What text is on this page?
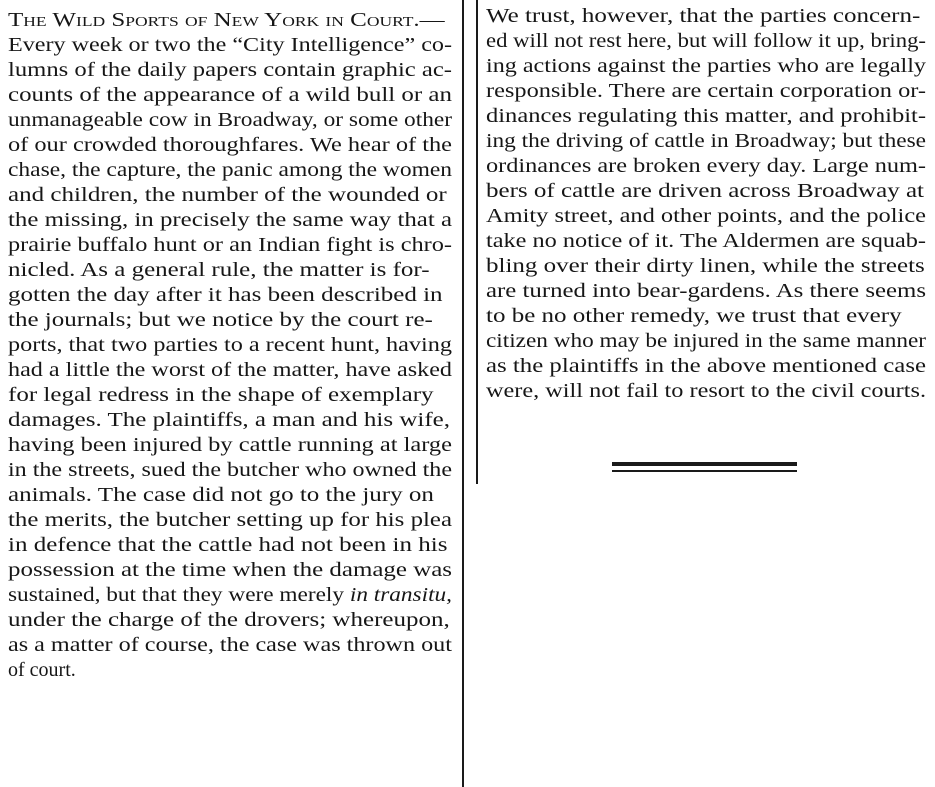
The Wild Sports of New York in Court.—
Every week or two the “City Intelligence” co-
lumns of the daily papers contain graphic ac-
counts of the appearance of a wild bull or an
unmanageable cow in Broadway, or some other
of our crowded thoroughfares. We hear of the
chase, the capture, the panic among the women
and children, the number of the wounded or
the missing, in precisely the same way that a
prairie buffalo hunt or an Indian fight is chro-
nicled. As a general rule, the matter is for-
gotten the day after it has been described in
the journals; but we notice by the court re-
ports, that two parties to a recent hunt, having
had a little the worst of the matter, have asked
for legal redress in the shape of exemplary
damages. The plaintiffs, a man and his wife,
having been injured by cattle running at large
in the streets, sued the butcher who owned the
animals. The case did not go to the jury on
the merits, the butcher setting up for his plea
in defence that the cattle had not been in his
possession at the time when the damage was
sustained, but that they were merely in transitu,
under the charge of the drovers; whereupon,
as a matter of course, the case was thrown out
of court.
We trust, however, that the parties concern-
ed will not rest here, but will follow it up, bring-
ing actions against the parties who are legally
responsible. There are certain corporation or-
dinances regulating this matter, and prohibit-
ing the driving of cattle in Broadway; but these
ordinances are broken every day. Large num-
bers of cattle are driven across Broadway at
Amity street, and other points, and the police
take no notice of it. The Aldermen are squab-
bling over their dirty linen, while the streets
are turned into bear-gardens. As there seems
to be no other remedy, we trust that every
citizen who may be injured in the same manner
as the plaintiffs in the above mentioned case
were, will not fail to resort to the civil courts.
